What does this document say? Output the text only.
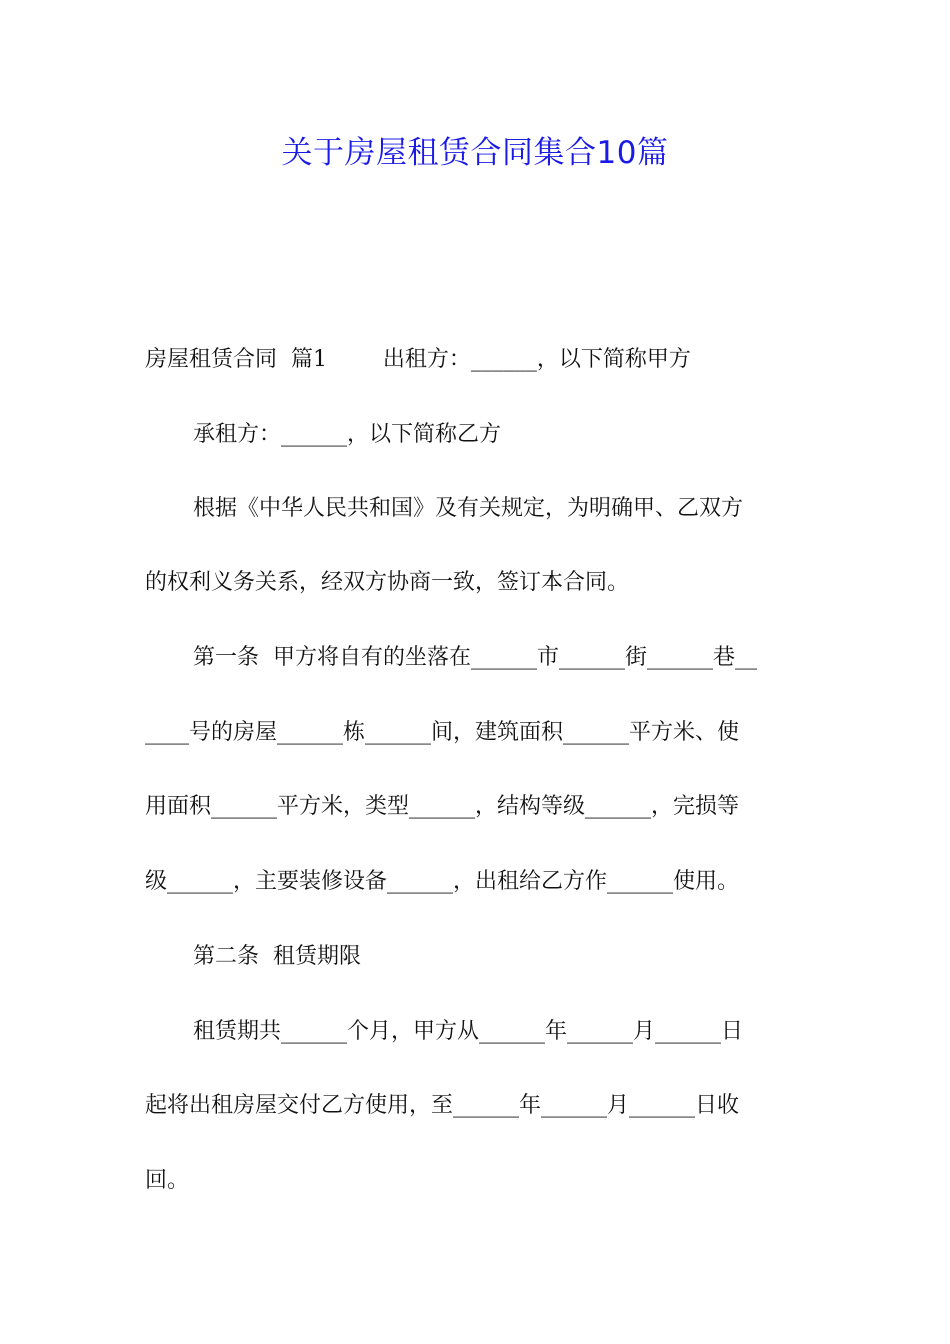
关于房屋租赁合同集合10篇
房屋租赁合同  篇1        出租方：______，以下简称甲方
承租方：______，以下简称乙方
根据《中华人民共和国》及有关规定，为明确甲、乙双方
的权利义务关系，经双方协商一致，签订本合同。
第一条  甲方将自有的坐落在______市______街______巷__
____号的房屋______栋______间，建筑面积______平方米、使
用面积______平方米，类型______，结构等级______，完损等
级______，主要装修设备______，出租给乙方作______使用。
第二条  租赁期限
租赁期共______个月，甲方从______年______月______日
起将出租房屋交付乙方使用，至______年______月______日收
回。
